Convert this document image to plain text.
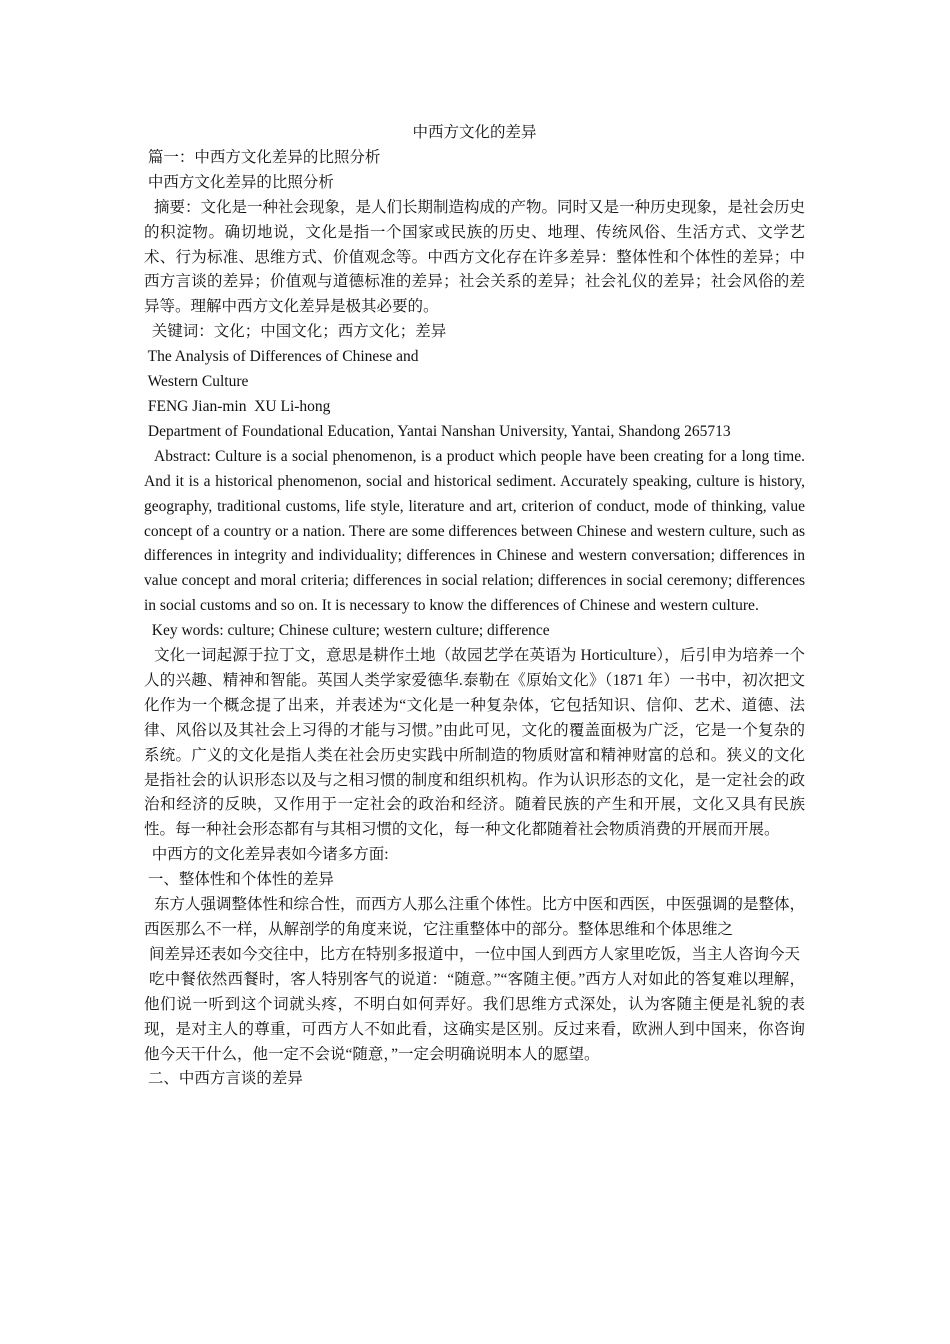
中西方文化的差异

篇一：中西方文化差异的比照分析

中西方文化差异的比照分析

摘要：文化是一种社会现象，是人们长期制造构成的产物。同时又是一种历史现象，是社会历史的积淀物。确切地说，文化是指一个国家或民族的历史、地理、传统风俗、生活方式、文学艺术、行为标准、思维方式、价值观念等。中西方文化存在许多差异：整体性和个体性的差异；中西方言谈的差异；价值观与道德标准的差异；社会关系的差异；社会礼仪的差异；社会风俗的差异等。理解中西方文化差异是极其必要的。

关键词：文化；中国文化；西方文化；差异

The Analysis of Differences of Chinese and

Western Culture

FENG Jian-min  XU Li-hong

Department of Foundational Education, Yantai Nanshan University, Yantai, Shandong 265713

Abstract: Culture is a social phenomenon, is a product which people have been creating for a long time. And it is a historical phenomenon, social and historical sediment. Accurately speaking, culture is history, geography, traditional customs, life style, literature and art, criterion of conduct, mode of thinking, value concept of a country or a nation. There are some differences between Chinese and western culture, such as differences in integrity and individuality; differences in Chinese and western conversation; differences in value concept and moral criteria; differences in social relation; differences in social ceremony; differences in social customs and so on. It is necessary to know the differences of Chinese and western culture.

Key words: culture; Chinese culture; western culture; difference

文化一词起源于拉丁文，意思是耕作土地（故园艺学在英语为 Horticulture），后引申为培养一个人的兴趣、精神和智能。英国人类学家爱德华.泰勒在《原始文化》（1871 年）一书中，初次把文化作为一个概念提了出来，并表述为“文化是一种复杂体，它包括知识、信仰、艺术、道德、法律、风俗以及其社会上习得的才能与习惯。”由此可见，文化的覆盖面极为广泛，它是一个复杂的系统。广义的文化是指人类在社会历史实践中所制造的物质财富和精神财富的总和。狭义的文化是指社会的认识形态以及与之相习惯的制度和组织机构。作为认识形态的文化，是一定社会的政治和经济的反映，又作用于一定社会的政治和经济。随着民族的产生和开展，文化又具有民族性。每一种社会形态都有与其相习惯的文化，每一种文化都随着社会物质消费的开展而开展。

中西方的文化差异表如今诸多方面:

一、整体性和个体性的差异

东方人强调整体性和综合性，而西方人那么注重个体性。比方中医和西医，中医强调的是整体，西医那么不一样，从解剖学的角度来说，它注重整体中的部分。整体思维和个体思维之

间差异还表如今交往中，比方在特别多报道中，一位中国人到西方人家里吃饭，当主人咨询今天

吃中餐依然西餐时，客人特别客气的说道：“随意。”“客随主便。”西方人对如此的答复难以理解，他们说一听到这个词就头疼，不明白如何弄好。我们思维方式深处，认为客随主便是礼貌的表现，是对主人的尊重，可西方人不如此看，这确实是区别。反过来看，欧洲人到中国来，你咨询他今天干什么，他一定不会说“随意，”一定会明确说明本人的愿望。

二、中西方言谈的差异
